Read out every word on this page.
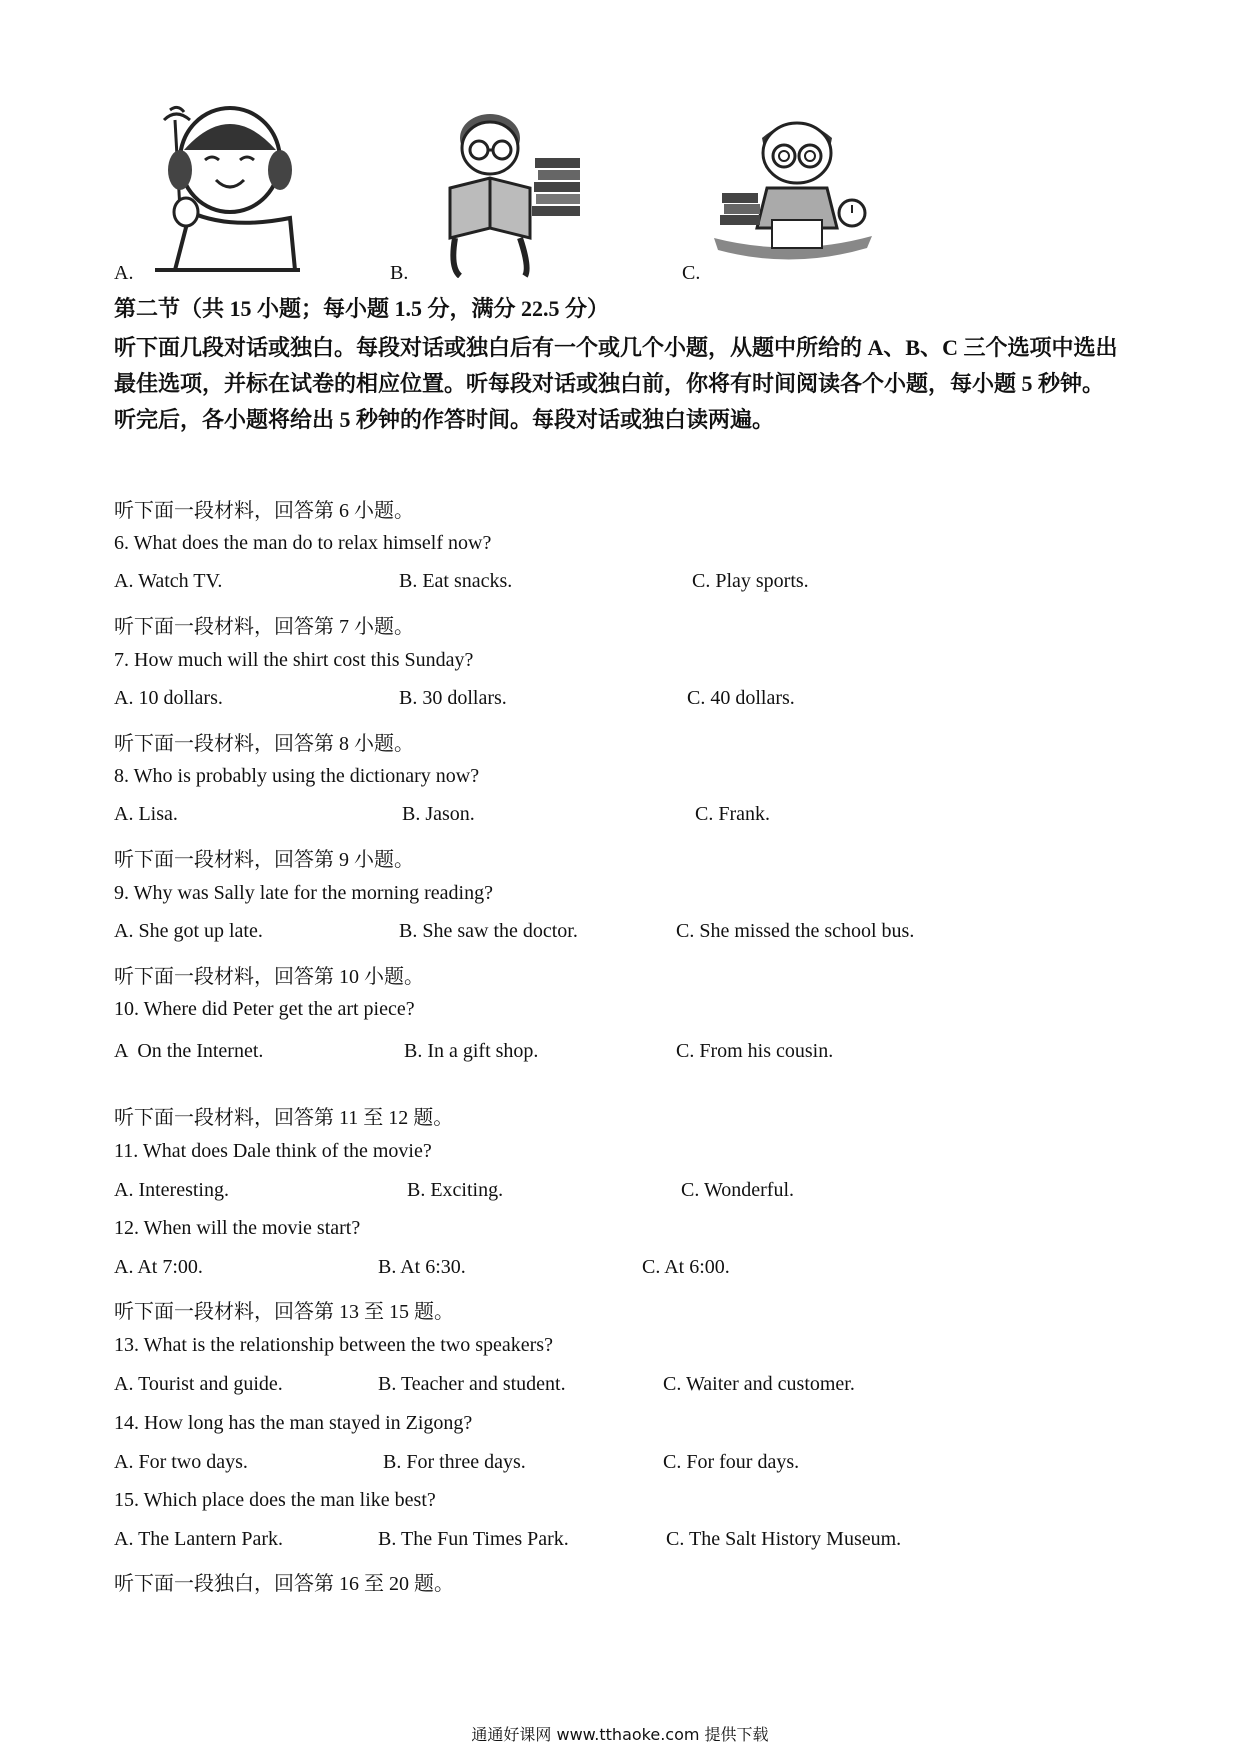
A.	B.	C.
第二节（共 15 小题；每小题 1.5 分，满分 22.5 分）
听下面几段对话或独白。每段对话或独白后有一个或几个小题，从题中所给的 A、B、C 三个选项中选出最佳选项，并标在试卷的相应位置。听每段对话或独白前，你将有时间阅读各个小题，每小题 5 秒钟。听完后，各小题将给出 5 秒钟的作答时间。每段对话或独白读两遍。
听下面一段材料，回答第 6 小题。
6. What does the man do to relax himself now?
A. Watch TV.	B. Eat snacks.	C. Play sports.
听下面一段材料，回答第 7 小题。
7. How much will the shirt cost this Sunday?
A. 10 dollars.	B. 30 dollars.	C. 40 dollars.
听下面一段材料，回答第 8 小题。
8. Who is probably using the dictionary now?
A. Lisa.	B. Jason.	C. Frank.
听下面一段材料，回答第 9 小题。
9. Why was Sally late for the morning reading?
A. She got up late.	B. She saw the doctor.	C. She missed the school bus.
听下面一段材料，回答第 10 小题。
10. Where did Peter get the art piece?
A  On the Internet.	B. In a gift shop.	C. From his cousin.
听下面一段材料，回答第 11 至 12 题。
11. What does Dale think of the movie?
A. Interesting.	B. Exciting.	C. Wonderful.
12. When will the movie start?
A. At 7:00.	B. At 6:30.	C. At 6:00.
听下面一段材料，回答第 13 至 15 题。
13. What is the relationship between the two speakers?
A. Tourist and guide.	B. Teacher and student.	C. Waiter and customer.
14. How long has the man stayed in Zigong?
A. For two days.	B. For three days.	C. For four days.
15. Which place does the man like best?
A. The Lantern Park.	B. The Fun Times Park.	C. The Salt History Museum.
听下面一段独白，回答第 16 至 20 题。
通通好课网 www.tthaoke.com 提供下载
